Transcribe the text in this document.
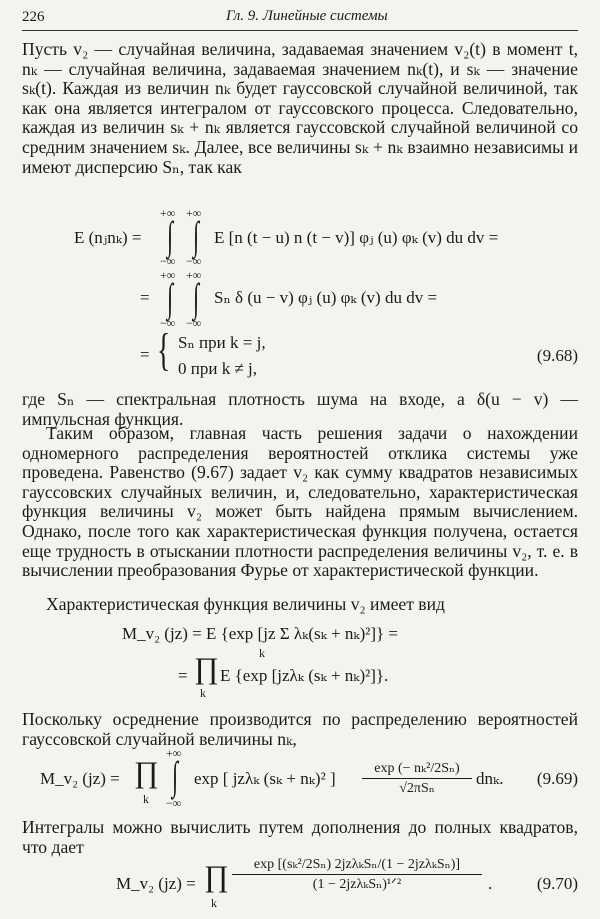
226	Гл. 9. Линейные системы
Пусть v₂ — случайная величина, задаваемая значением v₂(t) в момент t, nₖ — случайная величина, задаваемая значением nₖ(t), и sₖ — значение sₖ(t). Каждая из величин nₖ будет гауссовской случайной величиной, так как она является интегралом от гауссовского процесса. Следовательно, каждая из величин sₖ + nₖ является гауссовской случайной величиной со средним значением sₖ. Далее, все величины sₖ + nₖ взаимно независимы и имеют дисперсию Sₙ, так как
E (nⱼnₖ) =
+∞
∫
−∞
+∞
∫
−∞
E [n (t − u) n (t − v)] φⱼ (u) φₖ (v) du dv =
=
+∞
∫
−∞
+∞
∫
−∞
Sₙ δ (u − v) φⱼ (u) φₖ (v) du dv =
= { Sₙ при k = j,
0 при k ≠ j,
(9.68)
где Sₙ — спектральная плотность шума на входе, а δ(u − v) — импульсная функция.
Таким образом, главная часть решения задачи о нахождении одномерного распределения вероятностей отклика системы уже проведена. Равенство (9.67) задает v₂ как сумму квадратов независимых гауссовских случайных величин, и, следовательно, характеристическая функция величины v₂ может быть найдена прямым вычислением. Однако, после того как характеристическая функция получена, остается еще трудность в отыскании плотности распределения величины v₂, т. е. в вычислении преобразования Фурье от характеристической функции.
Характеристическая функция величины v₂ имеет вид
M_v₂ (jz) = E {exp [jz Σ λₖ(sₖ + nₖ)²]} =
k
= ∏
k
E {exp [jzλₖ (sₖ + nₖ)²]}.
Поскольку осреднение производится по распределению вероятностей гауссовской случайной величины nₖ,
M_v₂ (jz) = ∏
k
+∞
∫
−∞
exp [ jzλₖ (sₖ + nₖ)² ]
exp (− nₖ²/2Sₙ)
√2πSₙ
dnₖ. (9.69)
Интегралы можно вычислить путем дополнения до полных квадратов, что дает
M_v₂ (jz) = ∏
k
exp [(sₖ²/2Sₙ) 2jzλₖSₙ/(1 − 2jzλₖSₙ)]
(1 − 2jzλₖSₙ)¹ᐟ²	.	(9.70)
